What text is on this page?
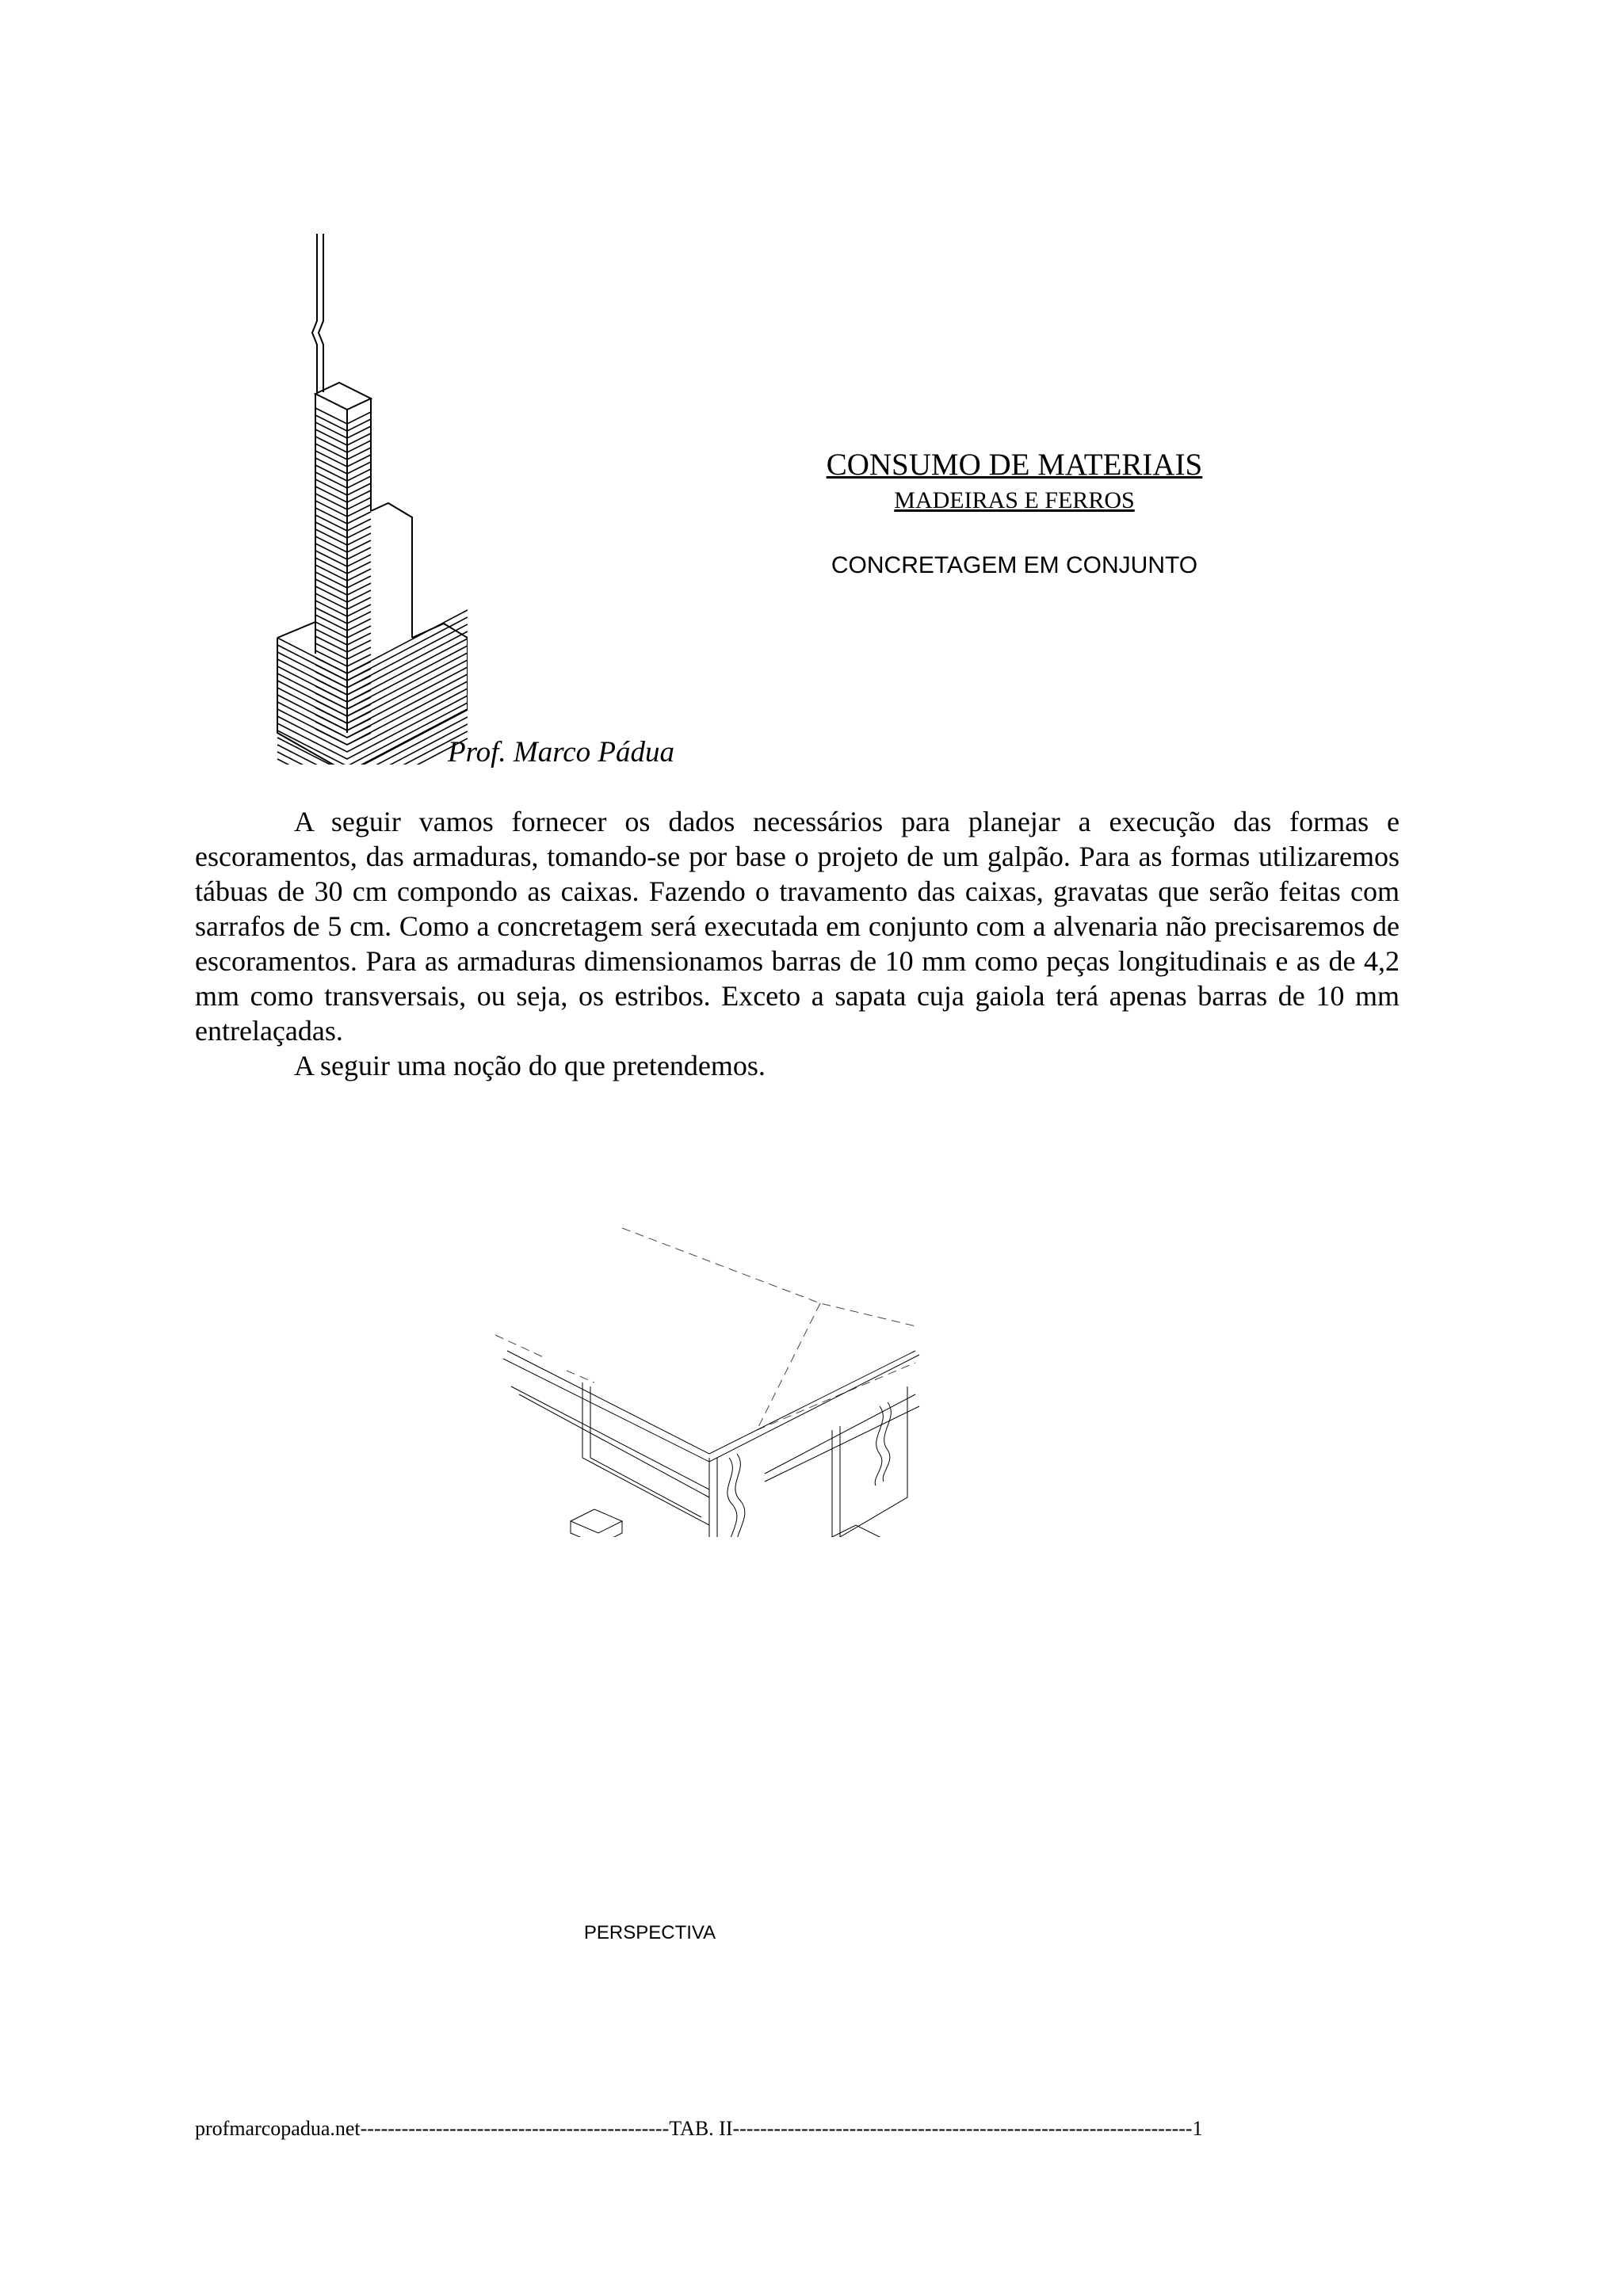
CONSUMO DE MATERIAIS
MADEIRAS E FERROS
CONCRETAGEM EM CONJUNTO
Prof. Marco Pádua

A seguir vamos fornecer os dados necessários para planejar a execução das formas e escoramentos, das armaduras, tomando-se por base o projeto de um galpão. Para as formas utilizaremos tábuas de 30 cm compondo as caixas. Fazendo o travamento das caixas, gravatas que serão feitas com sarrafos de 5 cm. Como a concretagem será executada em conjunto com a alvenaria não precisaremos de escoramentos. Para as armaduras dimensionamos barras de 10 mm como peças longitudinais e as de 4,2 mm como transversais, ou seja, os estribos. Exceto a sapata cuja gaiola terá apenas barras de 10 mm entrelaçadas.

A seguir uma noção do que pretendemos.

PERSPECTIVA
profmarcopadua.net---------------------------------------------TAB. II-------------------------------------------------------------------1
